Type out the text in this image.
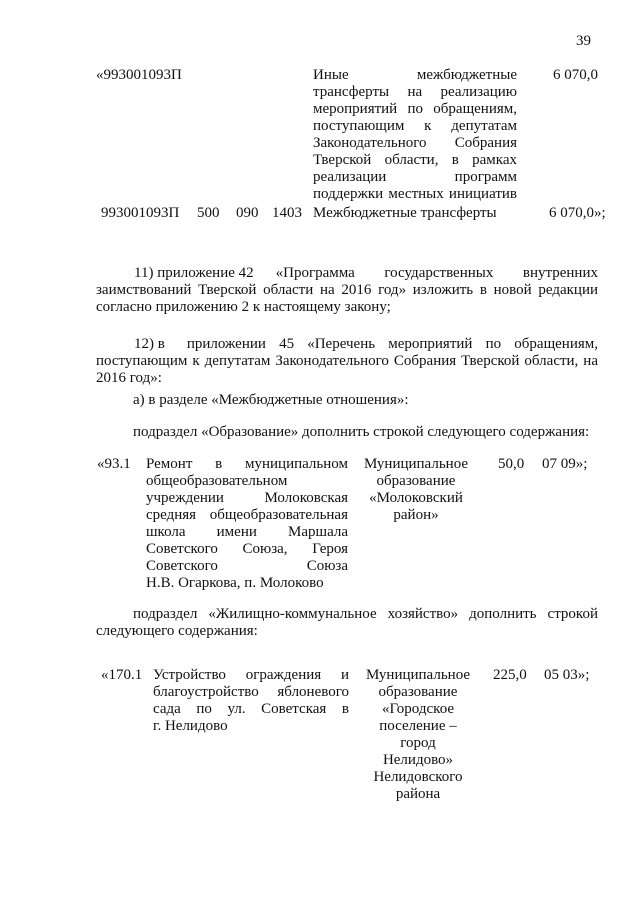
39
«993001093П	Иные межбюджетные
трансферты на реализацию
мероприятий по обращениям,
поступающим к депутатам
Законодательного Собрания
Тверской области, в рамках
реализации программ
поддержки местных инициатив
6 070,0
993001093П 500 090 1403 Межбюджетные трансферты	6 070,0»;
11) приложение 42 «Программа государственных внутренних
заимствований Тверской области на 2016 год» изложить в новой редакции
согласно приложению 2 к настоящему закону;
12) в приложении 45 «Перечень мероприятий по обращениям,
поступающим к депутатам Законодательного Собрания Тверской области, на
2016 год»:
а) в разделе «Межбюджетные отношения»:
подраздел «Образование» дополнить строкой следующего содержания:
«93.1 Ремонт в муниципальном
общеобразовательном
учреждении Молоковская
средняя общеобразовательная
школа имени Маршала
Советского Союза, Героя
Советского Союза
Н.В. Огаркова, п. Молоково
Муниципальное
образование
«Молоковский
район»
50,0 07 09»;
подраздел «Жилищно-коммунальное хозяйство» дополнить строкой
следующего содержания:
«170.1 Устройство ограждения и
благоустройство яблоневого
сада по ул. Советская в
г. Нелидово
Муниципальное
образование
«Городское
поселение –
город
Нелидово»
Нелидовского
района
225,0 05 03»;
